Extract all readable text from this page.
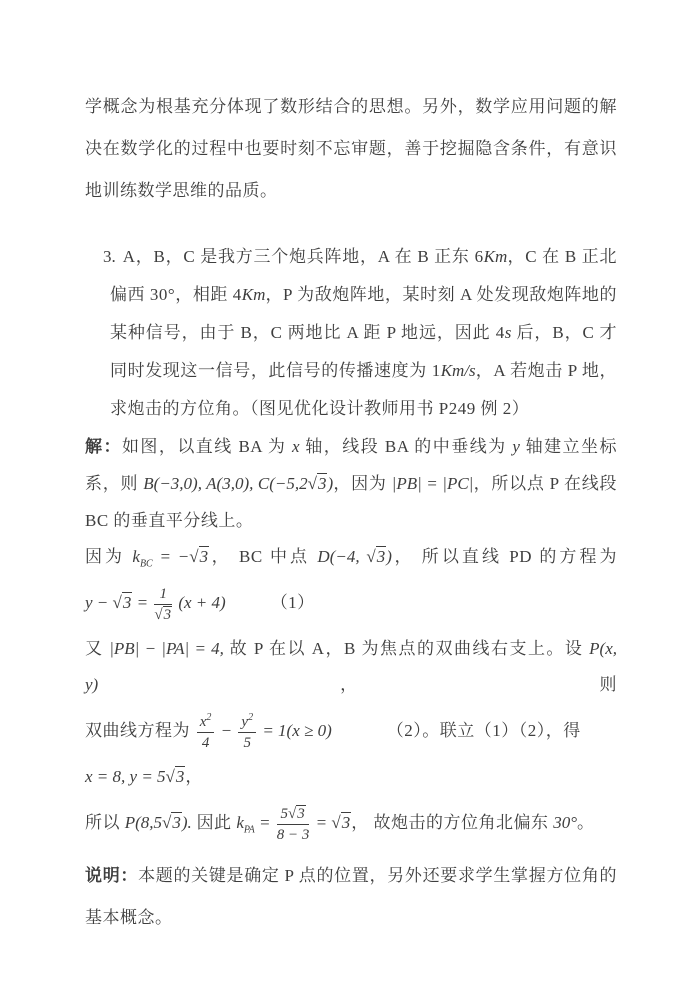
学概念为根基充分体现了数形结合的思想。另外，数学应用问题的解决在数学化的过程中也要时刻不忘审题，善于挖掘隐含条件，有意识地训练数学思维的品质。

3. A，B，C 是我方三个炮兵阵地，A 在 B 正东 6Km，C 在 B 正北偏西 30°，相距 4Km，P 为敌炮阵地，某时刻 A 处发现敌炮阵地的某种信号，由于 B，C 两地比 A 距 P 地远，因此 4s 后，B，C 才同时发现这一信号，此信号的传播速度为 1Km/s，A 若炮击 P 地，求炮击的方位角。（图见优化设计教师用书 P249 例 2）

解：如图，以直线 BA 为 x 轴，线段 BA 的中垂线为 y 轴建立坐标系，则 B(−3,0), A(3,0), C(−5,2√3)，因为 |PB| = |PC|，所以点 P 在线段 BC 的垂直平分线上。

因为 $k_{BC} = -√3$， BC 中点 D(−4, √3)， 所以直线 PD 的方程为

$y - √3 = \frac{1}{√3} (x + 4)$	（1）

又 |PB| − |PA| = 4, 故 P 在以 A，B 为焦点的双曲线右支上。设 P(x, y)，则

双曲线方程为 $\frac{x^2}{4} - \frac{y^2}{5} = 1(x \ge 0)$	（2）。联立（1）（2），得

x = 8, y = 5√3，

所以 P(8,5√3). 因此 $k_{PA} = \frac{5√3}{8 - 3} = √3$， 故炮击的方位角北偏东 30°。

说明：本题的关键是确定 P 点的位置，另外还要求学生掌握方位角的基本概念。
